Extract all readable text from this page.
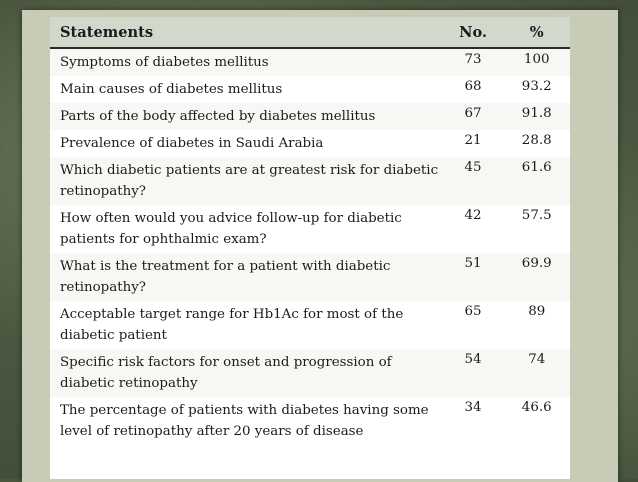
Statements	No.	%
Symptoms of diabetes mellitus	73	100
Main causes of diabetes mellitus	68	93.2
Parts of the body affected by diabetes mellitus	67	91.8
Prevalence of diabetes in Saudi Arabia	21	28.8
Which diabetic patients are at greatest risk for diabetic retinopathy?	45	61.6
How often would you advice follow-up for diabetic patients for ophthalmic exam?	42	57.5
What is the treatment for a patient with diabetic retinopathy?	51	69.9
Acceptable target range for Hb1Ac for most of the diabetic patient	65	89
Specific risk factors for onset and progression of diabetic retinopathy	54	74
The percentage of patients with diabetes having some level of retinopathy after 20 years of disease	34	46.6
